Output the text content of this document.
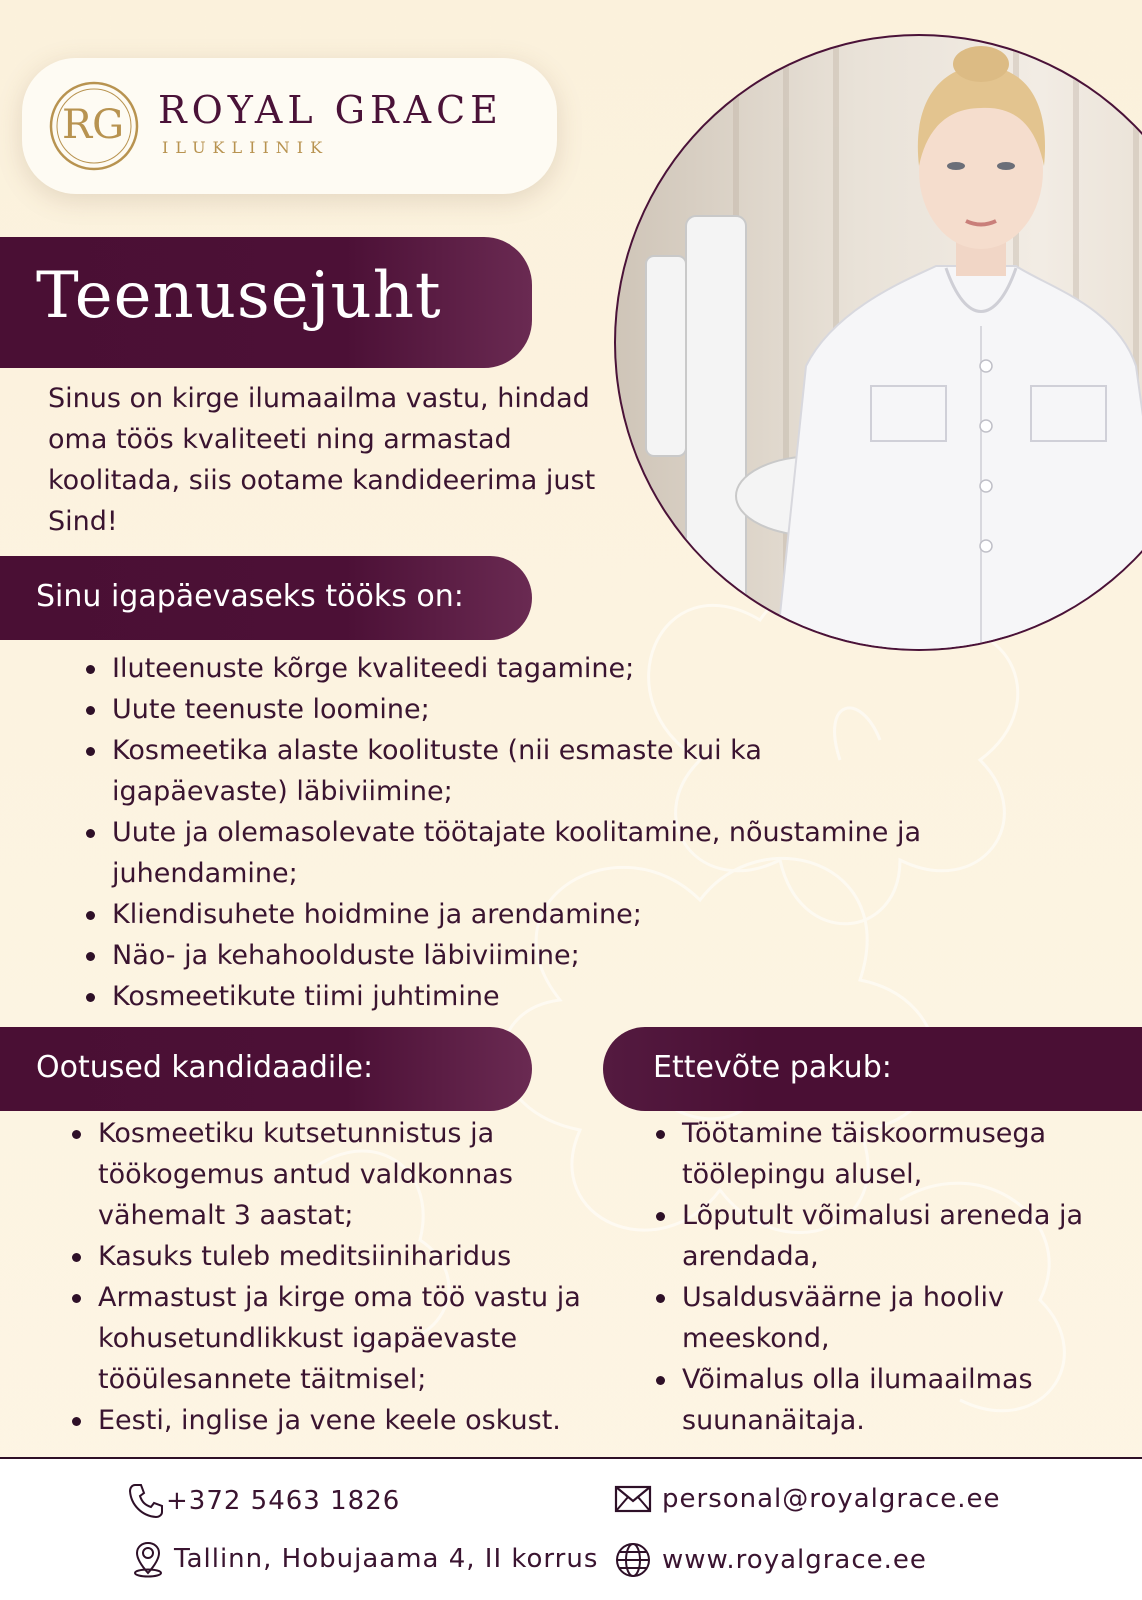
RG ROYAL GRACE
ILUKLIINIK
Teenusejuht

Sinus on kirge ilumaailma vastu, hindad oma töös kvaliteeti ning armastad koolitada, siis ootame kandideerima just Sind!

Sinu igapäevaseks tööks on:
Iluteenuste kõrge kvaliteedi tagamine;
Uute teenuste loomine;
Kosmeetika alaste koolituste (nii esmaste kui ka igapäevaste) läbiviimine;
Uute ja olemasolevate töötajate koolitamine, nõustamine ja juhendamine;
Kliendisuhete hoidmine ja arendamine;
Näo- ja kehahoolduste läbiviimine;
Kosmeetikute tiimi juhtimine
Ootused kandidaadile:
Kosmeetiku kutsetunnistus ja töökogemus antud valdkonnas vähemalt 3 aastat;
Kasuks tuleb meditsiiniharidus
Armastust ja kirge oma töö vastu ja kohusetundlikkust igapäevaste tööülesannete täitmisel;
Eesti, inglise ja vene keele oskust.
Ettevõte pakub:
Töötamine täiskoormusega töölepingu alusel,
Lõputult võimalusi areneda ja arendada,
Usaldusväärne ja hooliv meeskond,
Võimalus olla ilumaailmas suunanäitaja.
+372 5463 1826
Tallinn, Hobujaama 4, II korrus
personal@royalgrace.ee
www.royalgrace.ee
